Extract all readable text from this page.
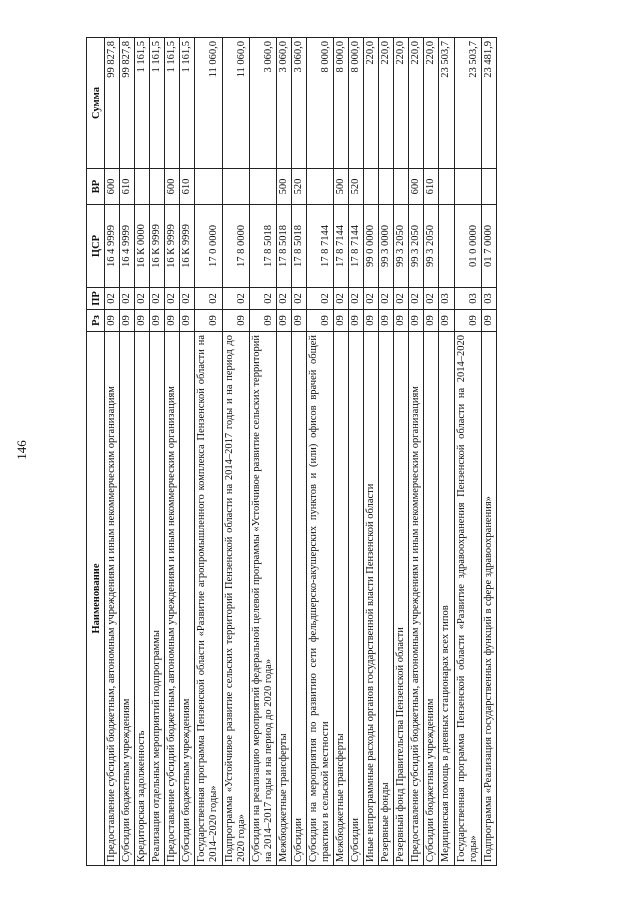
146
Наименование	Рз	ПР	ЦСР	ВР	Сумма
Предоставление субсидий бюджетным, автономным учреждениям и иным некоммерческим организациям	09	02	16 4 9999	600	99 827,8
Субсидии бюджетным учреждениям	09	02	16 4 9999	610	99 827,8
Кредиторская задолженность	09	02	16 К 0000		1 161,5
Реализация отдельных мероприятий подпрограммы	09	02	16 К 9999		1 161,5
Предоставление субсидий бюджетным, автономным учреждениям и иным некоммерческим организациям	09	02	16 К 9999	600	1 161,5
Субсидии бюджетным учреждениям	09	02	16 К 9999	610	1 161,5
Государственная программа Пензенской области «Развитие агропромышленного комплекса Пензенской области на 2014–2020 годы»	09	02	17 0 0000		11 060,0
Подпрограмма «Устойчивое развитие сельских территорий Пензенской области на 2014–2017 годы и на период до 2020 года»	09	02	17 8 0000		11 060,0
Субсидии на реализацию мероприятий федеральной целевой программы «Устойчивое развитие сельских территорий на 2014–2017 годы и на период до 2020 года»	09	02	17 8 5018		3 060,0
Межбюджетные трансферты	09	02	17 8 5018	500	3 060,0
Субсидии	09	02	17 8 5018	520	3 060,0
Субсидии на мероприятия по развитию сети фельдшерско-акушерских пунктов и (или) офисов врачей общей практики в сельской местности	09	02	17 8 7144		8 000,0
Межбюджетные трансферты	09	02	17 8 7144	500	8 000,0
Субсидии	09	02	17 8 7144	520	8 000,0
Иные непрограммные расходы органов государственной власти Пензенской области	09	02	99 0 0000		220,0
Резервные фонды	09	02	99 3 0000		220,0
Резервный фонд Правительства Пензенской области	09	02	99 3 2050		220,0
Предоставление субсидий бюджетным, автономным учреждениям и иным некоммерческим организациям	09	02	99 3 2050	600	220,0
Субсидии бюджетным учреждениям	09	02	99 3 2050	610	220,0
Медицинская помощь в дневных стационарах всех типов	09	03			23 503,7
Государственная программа Пензенской области «Развитие здравоохранения Пензенской области на 2014–2020 годы»	09	03	01 0 0000		23 503,7
Подпрограмма «Реализация государственных функций в сфере здравоохранения»	09	03	01 7 0000		23 481,9
